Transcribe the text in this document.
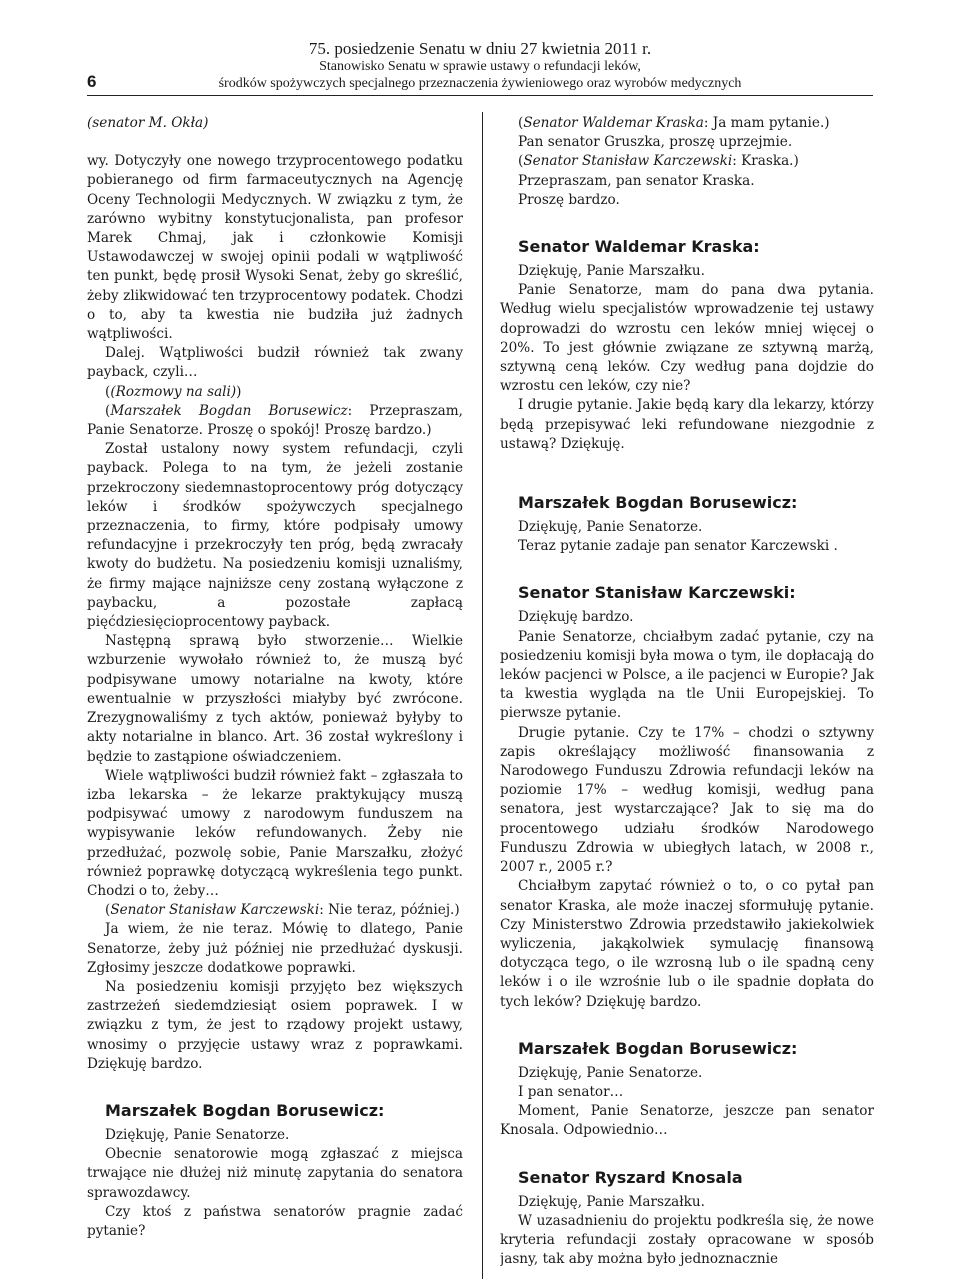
6
75. posiedzenie Senatu w dniu 27 kwietnia 2011 r.
Stanowisko Senatu w sprawie ustawy o refundacji leków,
środków spożywczych specjalnego przeznaczenia żywieniowego oraz wyrobów medycznych

(senator M. Okła)

wy. Dotyczyły one nowego trzyprocentowego podatku pobieranego od firm farmaceutycznych na Agencję Oceny Technologii Medycznych. W związku z tym, że zarówno wybitny konstytucjonalista, pan profesor Marek Chmaj, jak i członkowie Komisji Ustawodawczej w swojej opinii podali w wątpliwość ten punkt, będę prosił Wysoki Senat, żeby go skreślić, żeby zlikwidować ten trzyprocentowy podatek. Chodzi o to, aby ta kwestia nie budziła już żadnych wątpliwości.

Dalej. Wątpliwości budził również tak zwany payback, czyli…

((Rozmowy na sali))

(Marszałek Bogdan Borusewicz: Przepraszam, Panie Senatorze. Proszę o spokój! Proszę bardzo.)

Został ustalony nowy system refundacji, czyli payback. Polega to na tym, że jeżeli zostanie przekroczony siedemnastoprocentowy próg dotyczący leków i środków spożywczych specjalnego przeznaczenia, to firmy, które podpisały umowy refundacyjne i przekroczyły ten próg, będą zwracały kwoty do budżetu. Na posiedzeniu komisji uznaliśmy, że firmy mające najniższe ceny zostaną wyłączone z paybacku, a pozostałe zapłacą pięćdziesięcioprocentowy payback.

Następną sprawą było stworzenie… Wielkie wzburzenie wywołało również to, że muszą być podpisywane umowy notarialne na kwoty, które ewentualnie w przyszłości miałyby być zwrócone. Zrezygnowaliśmy z tych aktów, ponieważ byłyby to akty notarialne in blanco. Art. 36 został wykreślony i będzie to zastąpione oświadczeniem.

Wiele wątpliwości budził również fakt – zgłaszała to izba lekarska – że lekarze praktykujący muszą podpisywać umowy z narodowym funduszem na wypisywanie leków refundowanych. Żeby nie przedłużać, pozwolę sobie, Panie Marszałku, złożyć również poprawkę dotyczącą wykreślenia tego punkt. Chodzi o to, żeby…

(Senator Stanisław Karczewski: Nie teraz, później.)

Ja wiem, że nie teraz. Mówię to dlatego, Panie Senatorze, żeby już później nie przedłużać dyskusji. Zgłosimy jeszcze dodatkowe poprawki.

Na posiedzeniu komisji przyjęto bez większych zastrzeżeń siedemdziesiąt osiem poprawek. I w związku z tym, że jest to rządowy projekt ustawy, wnosimy o przyjęcie ustawy wraz z poprawkami. Dziękuję bardzo.

Marszałek Bogdan Borusewicz:

Dziękuję, Panie Senatorze.

Obecnie senatorowie mogą zgłaszać z miejsca trwające nie dłużej niż minutę zapytania do senatora sprawozdawcy.

Czy ktoś z państwa senatorów pragnie zadać pytanie?

(Senator Waldemar Kraska: Ja mam pytanie.)

Pan senator Gruszka, proszę uprzejmie.

(Senator Stanisław Karczewski: Kraska.)

Przepraszam, pan senator Kraska.

Proszę bardzo.

Senator Waldemar Kraska:

Dziękuję, Panie Marszałku.

Panie Senatorze, mam do pana dwa pytania. Według wielu specjalistów wprowadzenie tej ustawy doprowadzi do wzrostu cen leków mniej więcej o 20%. To jest głównie związane ze sztywną marżą, sztywną ceną leków. Czy według pana dojdzie do wzrostu cen leków, czy nie?

I drugie pytanie. Jakie będą kary dla lekarzy, którzy będą przepisywać leki refundowane niezgodnie z ustawą? Dziękuję.

Marszałek Bogdan Borusewicz:

Dziękuję, Panie Senatorze.

Teraz pytanie zadaje pan senator Karczewski .

Senator Stanisław Karczewski:

Dziękuję bardzo.

Panie Senatorze, chciałbym zadać pytanie, czy na posiedzeniu komisji była mowa o tym, ile dopłacają do leków pacjenci w Polsce, a ile pacjenci w Europie? Jak ta kwestia wygląda na tle Unii Europejskiej. To pierwsze pytanie.

Drugie pytanie. Czy te 17% – chodzi o sztywny zapis określający możliwość finansowania z Narodowego Funduszu Zdrowia refundacji leków na poziomie 17% – według komisji, według pana senatora, jest wystarczające? Jak to się ma do procentowego udziału środków Narodowego Funduszu Zdrowia w ubiegłych latach, w 2008 r., 2007 r., 2005 r.?

Chciałbym zapytać również o to, o co pytał pan senator Kraska, ale może inaczej sformułuję pytanie. Czy Ministerstwo Zdrowia przedstawiło jakiekolwiek wyliczenia, jakąkolwiek symulację finansową dotycząca tego, o ile wzrosną lub o ile spadną ceny leków i o ile wzrośnie lub o ile spadnie dopłata do tych leków? Dziękuję bardzo.

Marszałek Bogdan Borusewicz:

Dziękuję, Panie Senatorze.

I pan senator…

Moment, Panie Senatorze, jeszcze pan senator Knosala. Odpowiednio…

Senator Ryszard Knosala

Dziękuję, Panie Marszałku.

W uzasadnieniu do projektu podkreśla się, że nowe kryteria refundacji zostały opracowane w sposób jasny, tak aby można było jednoznacznie
